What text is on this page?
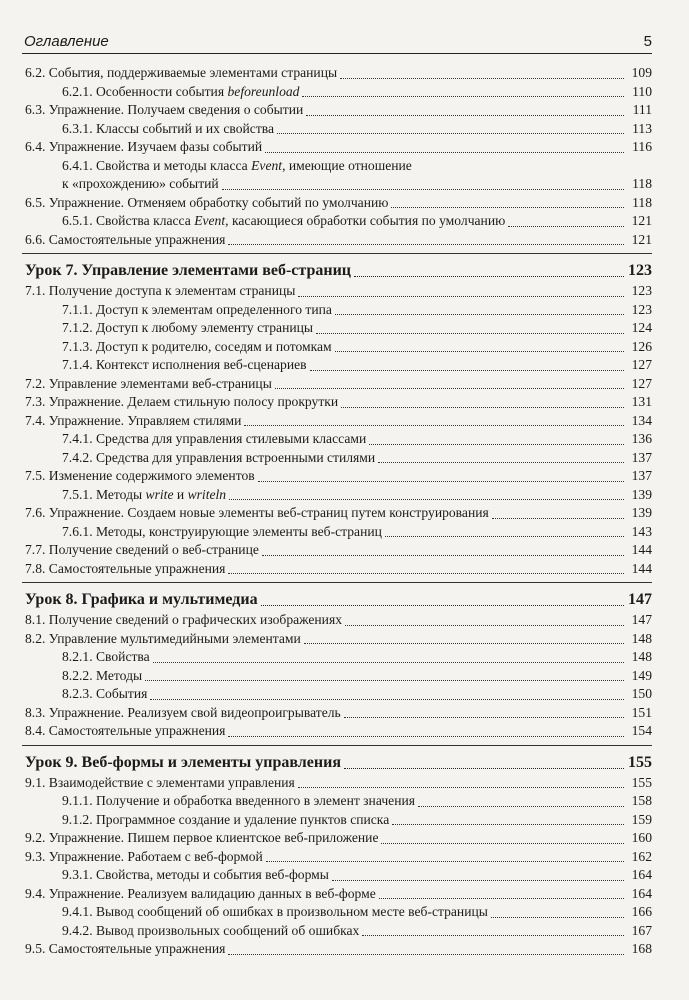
Оглавление	5
6.2. События, поддерживаемые элементами страницы	109
6.2.1. Особенности события beforeunload	110
6.3. Упражнение. Получаем сведения о событии	111
6.3.1. Классы событий и их свойства	113
6.4. Упражнение. Изучаем фазы событий	116
6.4.1. Свойства и методы класса Event, имеющие отношение
к «прохождению» событий	118
6.5. Упражнение. Отменяем обработку событий по умолчанию	118
6.5.1. Свойства класса Event, касающиеся обработки события по умолчанию	121
6.6. Самостоятельные упражнения	121
Урок 7. Управление элементами веб-страниц	123
7.1. Получение доступа к элементам страницы	123
7.1.1. Доступ к элементам определенного типа	123
7.1.2. Доступ к любому элементу страницы	124
7.1.3. Доступ к родителю, соседям и потомкам	126
7.1.4. Контекст исполнения веб-сценариев	127
7.2. Управление элементами веб-страницы	127
7.3. Упражнение. Делаем стильную полосу прокрутки	131
7.4. Упражнение. Управляем стилями	134
7.4.1. Средства для управления стилевыми классами	136
7.4.2. Средства для управления встроенными стилями	137
7.5. Изменение содержимого элементов	137
7.5.1. Методы write и writeln	139
7.6. Упражнение. Создаем новые элементы веб-страниц путем конструирования	139
7.6.1. Методы, конструирующие элементы веб-страниц	143
7.7. Получение сведений о веб-странице	144
7.8. Самостоятельные упражнения	144
Урок 8. Графика и мультимедиа	147
8.1. Получение сведений о графических изображениях	147
8.2. Управление мультимедийными элементами	148
8.2.1. Свойства	148
8.2.2. Методы	149
8.2.3. События	150
8.3. Упражнение. Реализуем свой видеопроигрыватель	151
8.4. Самостоятельные упражнения	154
Урок 9. Веб-формы и элементы управления	155
9.1. Взаимодействие с элементами управления	155
9.1.1. Получение и обработка введенного в элемент значения	158
9.1.2. Программное создание и удаление пунктов списка	159
9.2. Упражнение. Пишем первое клиентское веб-приложение	160
9.3. Упражнение. Работаем с веб-формой	162
9.3.1. Свойства, методы и события веб-формы	164
9.4. Упражнение. Реализуем валидацию данных в веб-форме	164
9.4.1. Вывод сообщений об ошибках в произвольном месте веб-страницы	166
9.4.2. Вывод произвольных сообщений об ошибках	167
9.5. Самостоятельные упражнения	168
